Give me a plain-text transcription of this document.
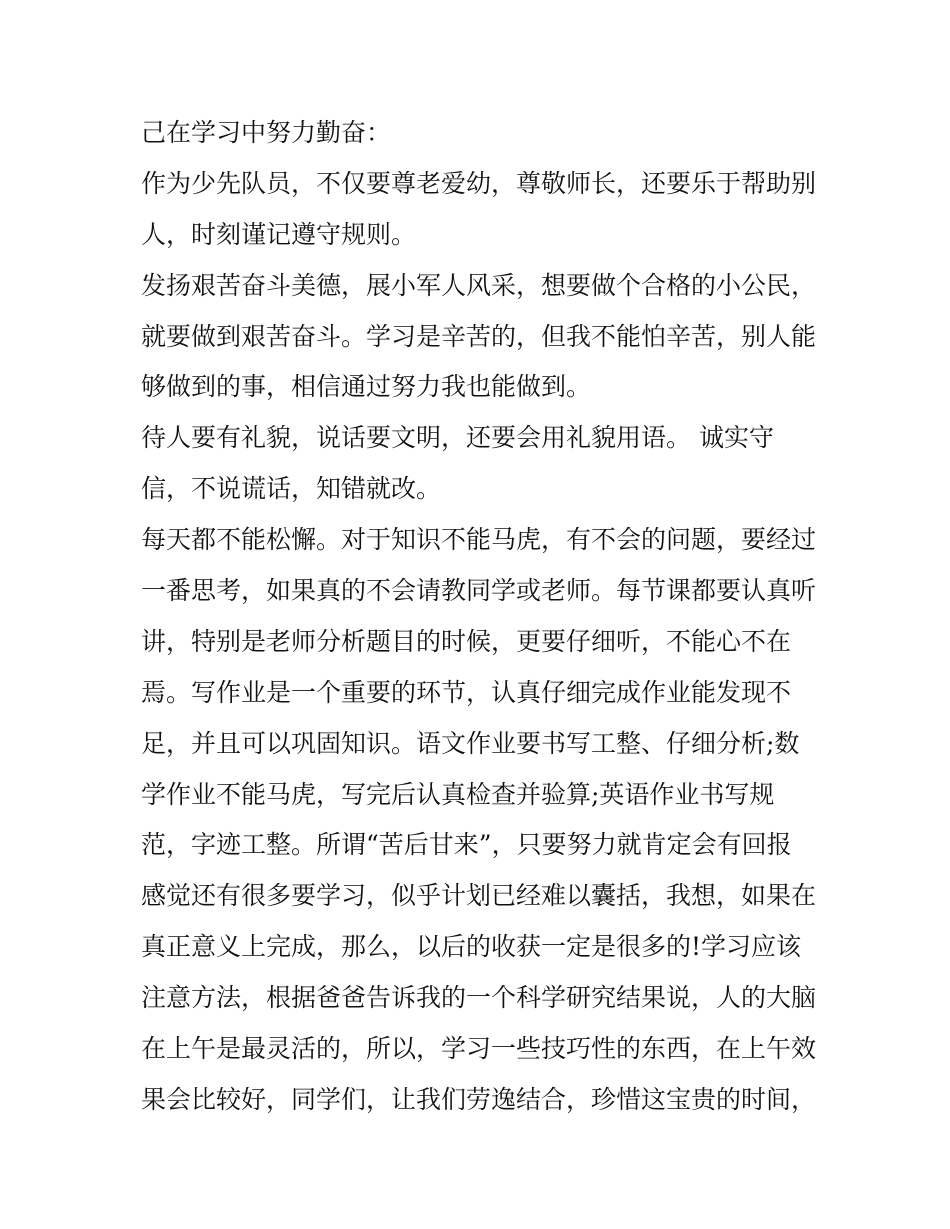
己在学习中努力勤奋：
作为少先队员，不仅要尊老爱幼，尊敬师长，还要乐于帮助别
人，时刻谨记遵守规则。
发扬艰苦奋斗美德，展小军人风采，想要做个合格的小公民，
就要做到艰苦奋斗。学习是辛苦的，但我不能怕辛苦，别人能
够做到的事，相信通过努力我也能做到。
待人要有礼貌，说话要文明，还要会用礼貌用语。 诚实守
信，不说谎话，知错就改。
每天都不能松懈。对于知识不能马虎，有不会的问题，要经过
一番思考，如果真的不会请教同学或老师。每节课都要认真听
讲，特别是老师分析题目的时候，更要仔细听，不能心不在
焉。写作业是一个重要的环节，认真仔细完成作业能发现不
足，并且可以巩固知识。语文作业要书写工整、仔细分析;数
学作业不能马虎，写完后认真检查并验算;英语作业书写规
范，字迹工整。所谓“苦后甘来”，只要努力就肯定会有回报
感觉还有很多要学习，似乎计划已经难以囊括，我想，如果在
真正意义上完成，那么，以后的收获一定是很多的!学习应该
注意方法，根据爸爸告诉我的一个科学研究结果说，人的大脑
在上午是最灵活的，所以，学习一些技巧性的东西，在上午效
果会比较好，同学们，让我们劳逸结合，珍惜这宝贵的时间，
